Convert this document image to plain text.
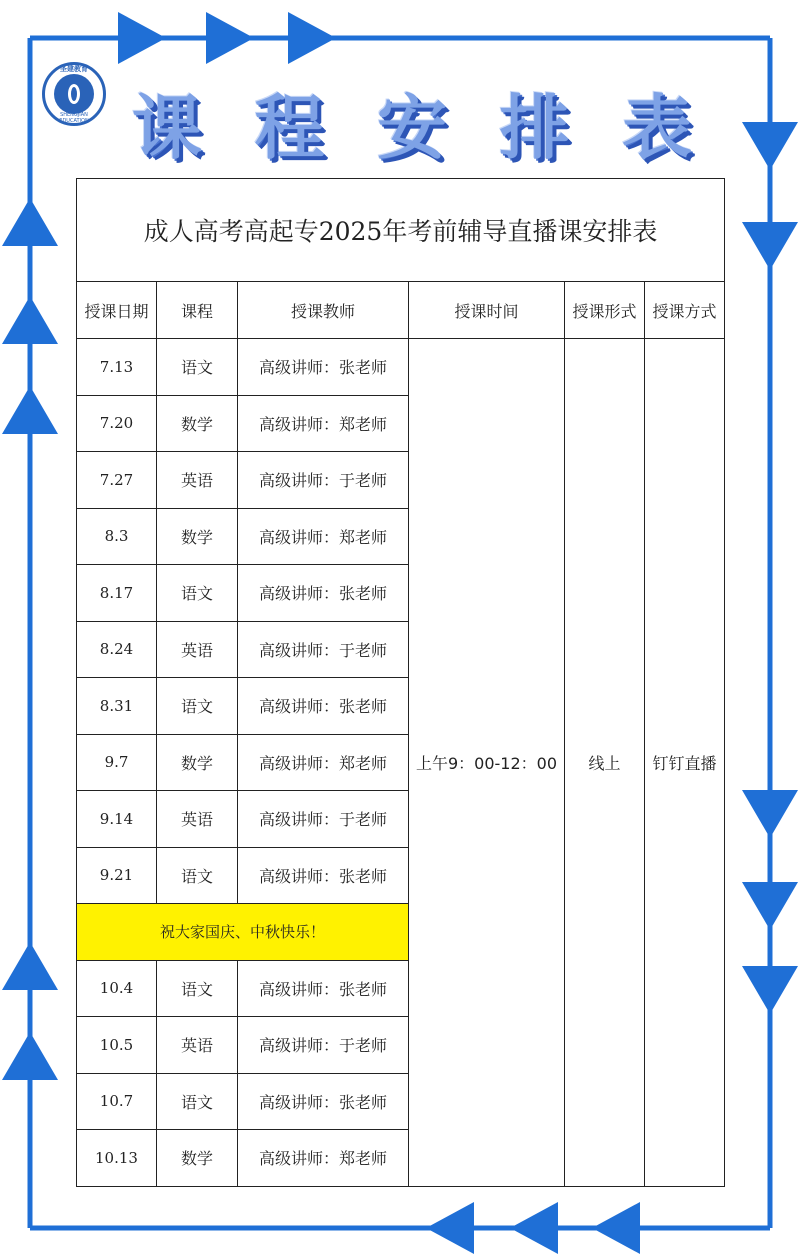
圣建教育
SHENGJIAN EDUCATION 课 程 安 排 表
成人高考高起专2025年考前辅导直播课安排表					
授课日期	课程	授课教师	授课时间	授课形式	授课方式
7.13	语文	高级讲师：张老师	上午9：00-12：00	线上	钉钉直播
7.20	数学	高级讲师：郑老师			
7.27	英语	高级讲师：于老师			
8.3	数学	高级讲师：郑老师			
8.17	语文	高级讲师：张老师			
8.24	英语	高级讲师：于老师			
8.31	语文	高级讲师：张老师			
9.7	数学	高级讲师：郑老师			
9.14	英语	高级讲师：于老师			
9.21	语文	高级讲师：张老师			
祝大家国庆、中秋快乐！					
10.4	语文	高级讲师：张老师			
10.5	英语	高级讲师：于老师			
10.7	语文	高级讲师：张老师			
10.13	数学	高级讲师：郑老师			
